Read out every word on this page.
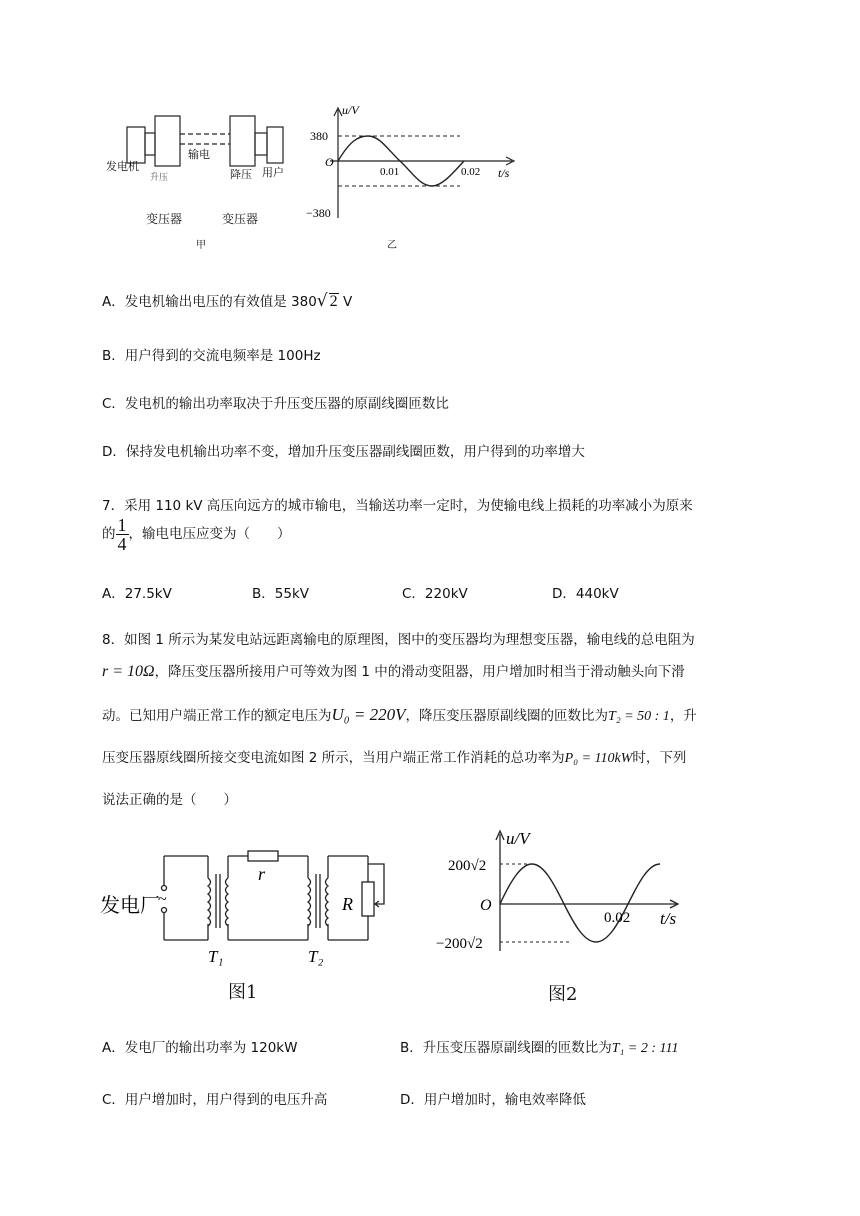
发电机
升压
输电
降压 用户
变压器	变压器
甲
u/V
380
O
0.01	0.02 t/s
−380
乙
A．发电机输出电压的有效值是 380√ 2 V
B．用户得到的交流电频率是 100Hz
C．发电机的输出功率取决于升压变压器的原副线圈匝数比
D．保持发电机输出功率不变，增加升压变压器副线圈匝数，用户得到的功率增大
7．采用 110 kV 高压向远方的城市输电，当输送功率一定时，为使输电线上损耗的功率减小为原来
的 $\frac{1}{4}$ ，输电电压应变为（　　）
A．27.5kV	B．55kV	C．220kV	D．440kV
8．如图 1 所示为某发电站远距离输电的原理图，图中的变压器均为理想变压器，输电线的总电阻为
r = 10Ω，降压变压器所接用户可等效为图 1 中的滑动变阻器，用户增加时相当于滑动触头向下滑
动。已知用户端正常工作的额定电压为U₀ = 220V，降压变压器原副线圈的匝数比为T₂ = 50 : 1，升
压变压器原线圈所接交变电流如图 2 所示，当用户端正常工作消耗的总功率为P₀ = 110kW时，下列
说法正确的是（　　）
发电厂
~
r
R
T₁	T₂
图1
u/V
200√2
O
0.02 t/s
−200√2
图2
A．发电厂的输出功率为 120kW	B．升压变压器原副线圈的匝数比为T₁ = 2 : 111
C．用户增加时，用户得到的电压升高	D．用户增加时，输电效率降低
